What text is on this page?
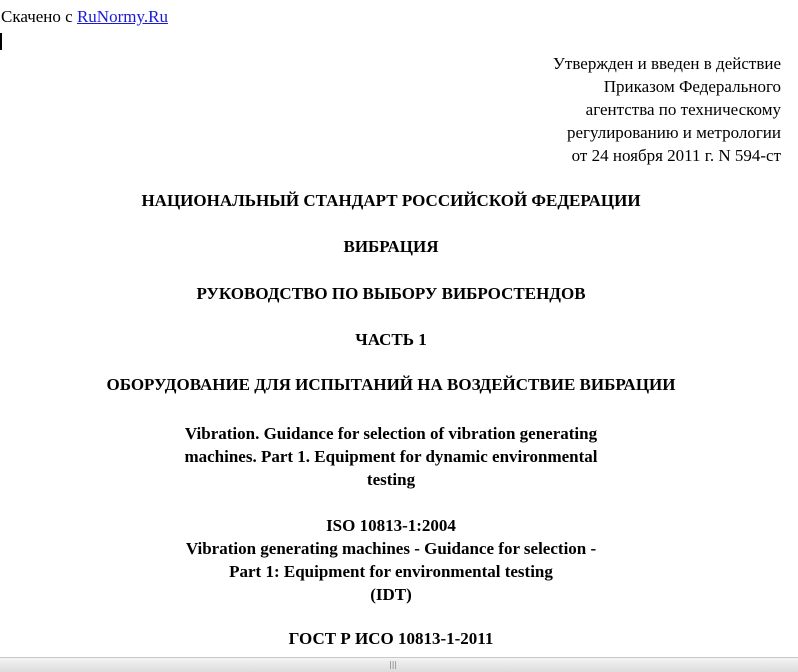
Скачено с RuNormy.Ru
Утвержден и введен в действие
Приказом Федерального
агентства по техническому
регулированию и метрологии
от 24 ноября 2011 г. N 594-ст
НАЦИОНАЛЬНЫЙ СТАНДАРТ РОССИЙСКОЙ ФЕДЕРАЦИИ
ВИБРАЦИЯ
РУКОВОДСТВО ПО ВЫБОРУ ВИБРОСТЕНДОВ
ЧАСТЬ 1
ОБОРУДОВАНИЕ ДЛЯ ИСПЫТАНИЙ НА ВОЗДЕЙСТВИЕ ВИБРАЦИИ
Vibration. Guidance for selection of vibration generating
machines. Part 1. Equipment for dynamic environmental
testing
ISO 10813-1:2004
Vibration generating machines - Guidance for selection -
Part 1: Equipment for environmental testing
(IDT)
ГОСТ Р ИСО 10813-1-2011
|||
